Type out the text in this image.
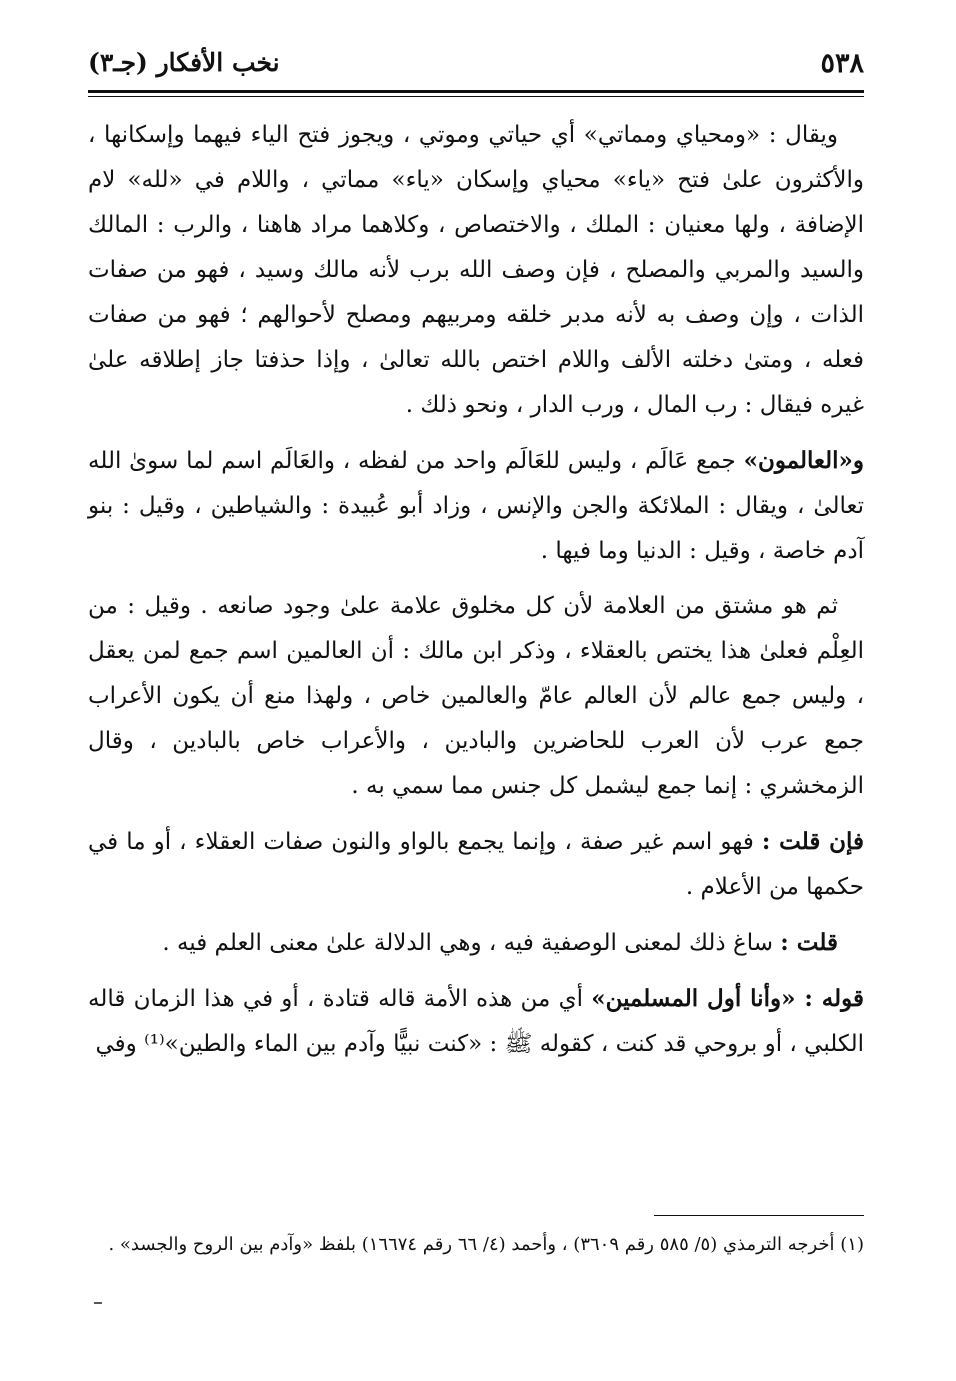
٥٣٨
نخب الأفكار (جـ٣)

ويقال : «ومحياي ومماتي» أي حياتي وموتي ، ويجوز فتح الياء فيهما وإسكانها ، والأكثرون علىٰ فتح «ياء» محياي وإسكان «ياء» مماتي ، واللام في «لله» لام الإضافة ، ولها معنيان : الملك ، والاختصاص ، وكلاهما مراد هاهنا ، والرب : المالك والسيد والمربي والمصلح ، فإن وصف الله برب لأنه مالك وسيد ، فهو من صفات الذات ، وإن وصف به لأنه مدبر خلقه ومربيهم ومصلح لأحوالهم ؛ فهو من صفات فعله ، ومتىٰ دخلته الألف واللام اختص بالله تعالىٰ ، وإذا حذفتا جاز إطلاقه علىٰ غيره فيقال : رب المال ، ورب الدار ، ونحو ذلك .

و«العالمون» جمع عَالَم ، وليس للعَالَم واحد من لفظه ، والعَالَم اسم لما سوىٰ الله تعالىٰ ، ويقال : الملائكة والجن والإنس ، وزاد أبو عُبيدة : والشياطين ، وقيل : بنو آدم خاصة ، وقيل : الدنيا وما فيها .

ثم هو مشتق من العلامة لأن كل مخلوق علامة علىٰ وجود صانعه . وقيل : من العِلْم فعلىٰ هذا يختص بالعقلاء ، وذكر ابن مالك : أن العالمين اسم جمع لمن يعقل ، وليس جمع عالم لأن العالم عامّ والعالمين خاص ، ولهذا منع أن يكون الأعراب جمع عرب لأن العرب للحاضرين والبادين ، والأعراب خاص بالبادين ، وقال الزمخشري : إنما جمع ليشمل كل جنس مما سمي به .

فإن قلت : فهو اسم غير صفة ، وإنما يجمع بالواو والنون صفات العقلاء ، أو ما في حكمها من الأعلام .

قلت : ساغ ذلك لمعنى الوصفية فيه ، وهي الدلالة علىٰ معنى العلم فيه .

قوله : «وأنا أول المسلمين» أي من هذه الأمة قاله قتادة ، أو في هذا الزمان قاله الكلبي ، أو بروحي قد كنت ، كقوله ﷺ : «كنت نبيًّا وآدم بين الماء والطين»⁽¹⁾ وفي

(١) أخرجه الترمذي (٥/ ٥٨٥ رقم ٣٦٠٩) ، وأحمد (٤/ ٦٦ رقم ١٦٦٧٤) بلفظ «وآدم بين الروح والجسد» .
